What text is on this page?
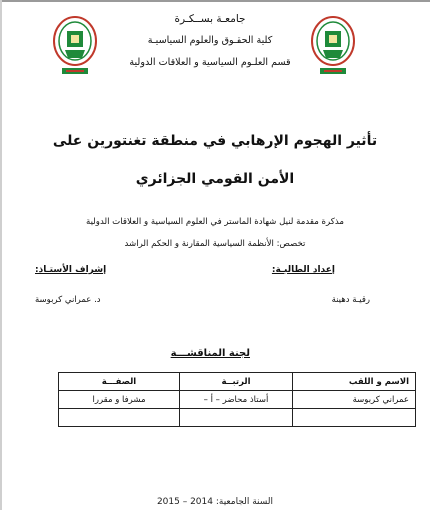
جامعـة بســكـرة
كلية الحقـوق والعلوم السياسيـة
قسم العلـوم السياسية و العلاقات الدولية
تأثير الهجوم الإرهابي في منطقة تغنتورين على
الأمن القومي الجزائري
مذكرة مقدمة لنيل شهادة الماستر في العلوم السياسية و العلاقات الدولية
تخصص: الأنظمة السياسية المقارنة و الحكم الراشد
إعداد الطالبـة:
إشراف الأستـاذ:
رقيـة دهينة
د. عمراني كربوسة
لجنة المناقشـــة
الاسم و اللقب	الرتبــة	الصفـــة
عمراني كربوسة	أستاذ محاضر – أ –	مشرفا و مقررا

السنة الجامعية: 2014 – 2015
